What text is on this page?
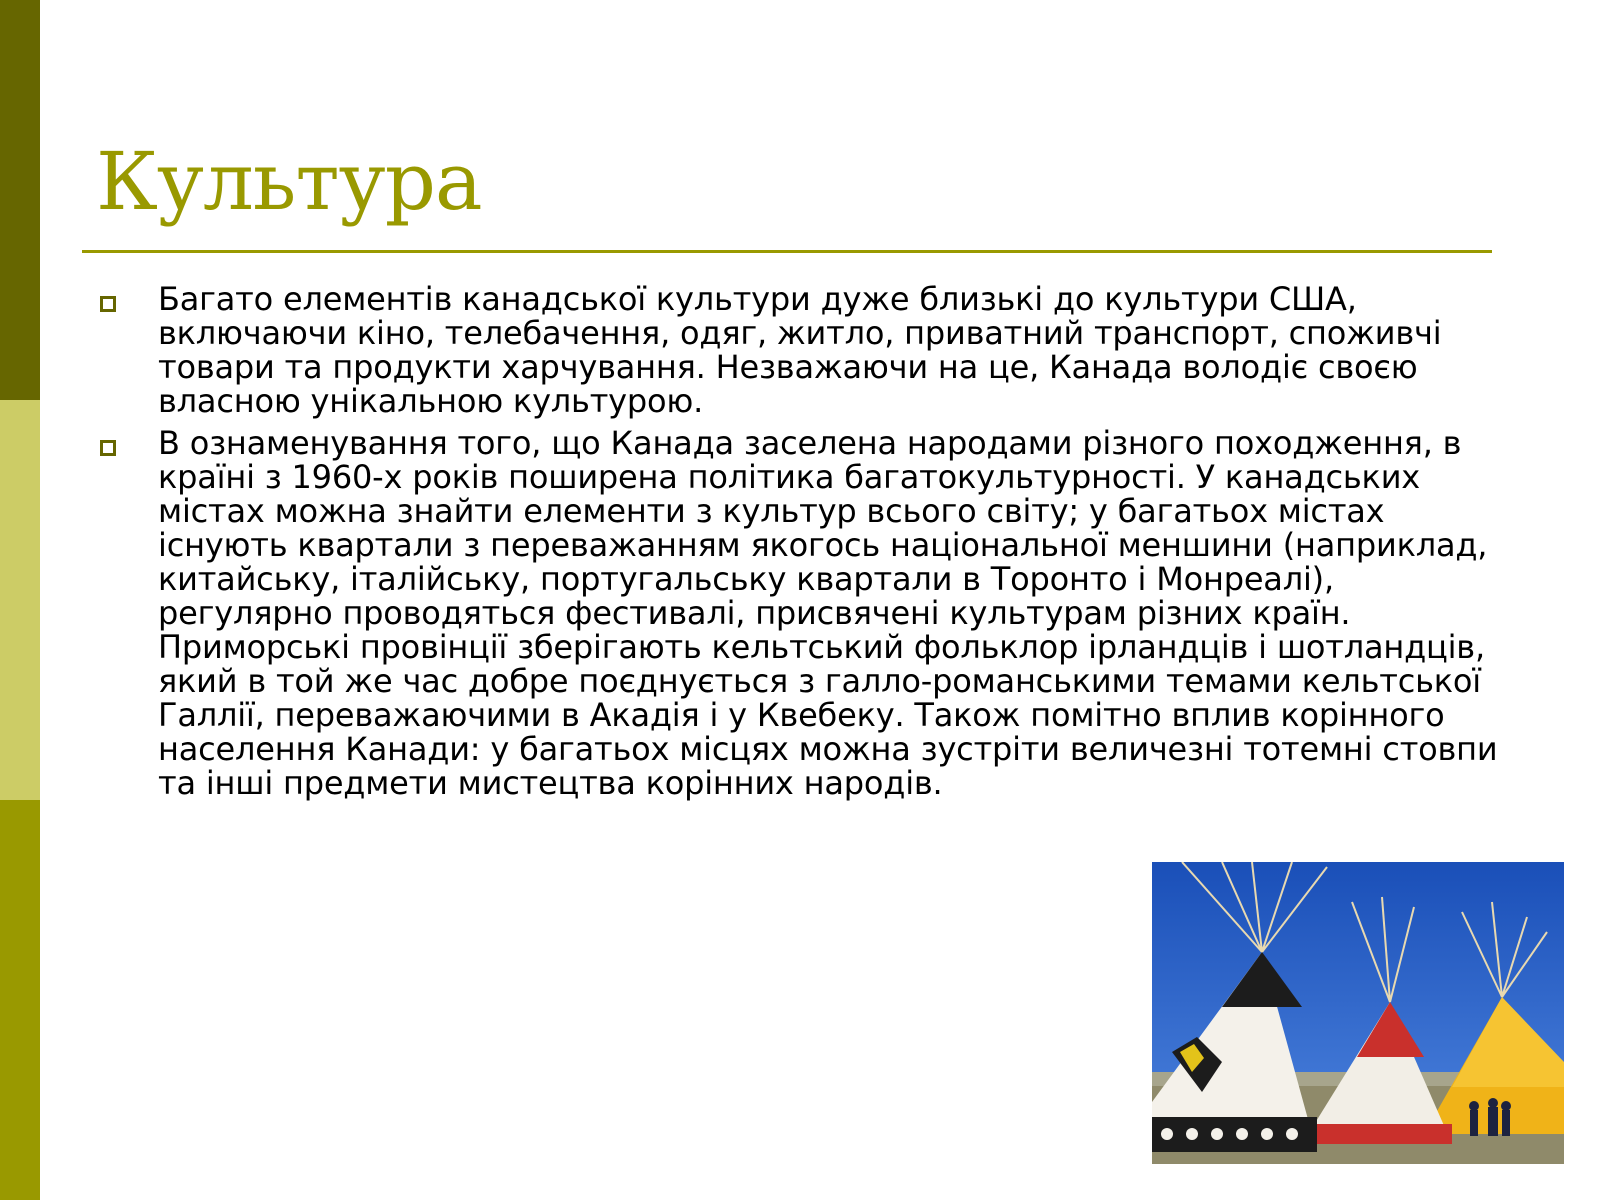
Культура

Багато елементів канадської культури дуже близькі до культури США, включаючи кіно, телебачення, одяг, житло, приватний транспорт, споживчі товари та продукти харчування. Незважаючи на це, Канада володіє своєю власною унікальною культурою.

В ознаменування того, що Канада заселена народами різного походження, в країні з 1960-х років поширена політика багатокультурності. У канадських містах можна знайти елементи з культур всього світу; у багатьох містах існують квартали з переважанням якогось національної меншини (наприклад, китайську, італійську, португальську квартали в Торонто і Монреалі), регулярно проводяться фестивалі, присвячені культурам різних країн. Приморські провінції зберігають кельтський фольклор ірландців і шотландців, який в той же час добре поєднується з галло-романськими темами кельтської Галлії, переважаючими в Акадія і у Квебеку. Також помітно вплив корінного населення Канади: у багатьох місцях можна зустріти величезні тотемні стовпи та інші предмети мистецтва корінних народів.
